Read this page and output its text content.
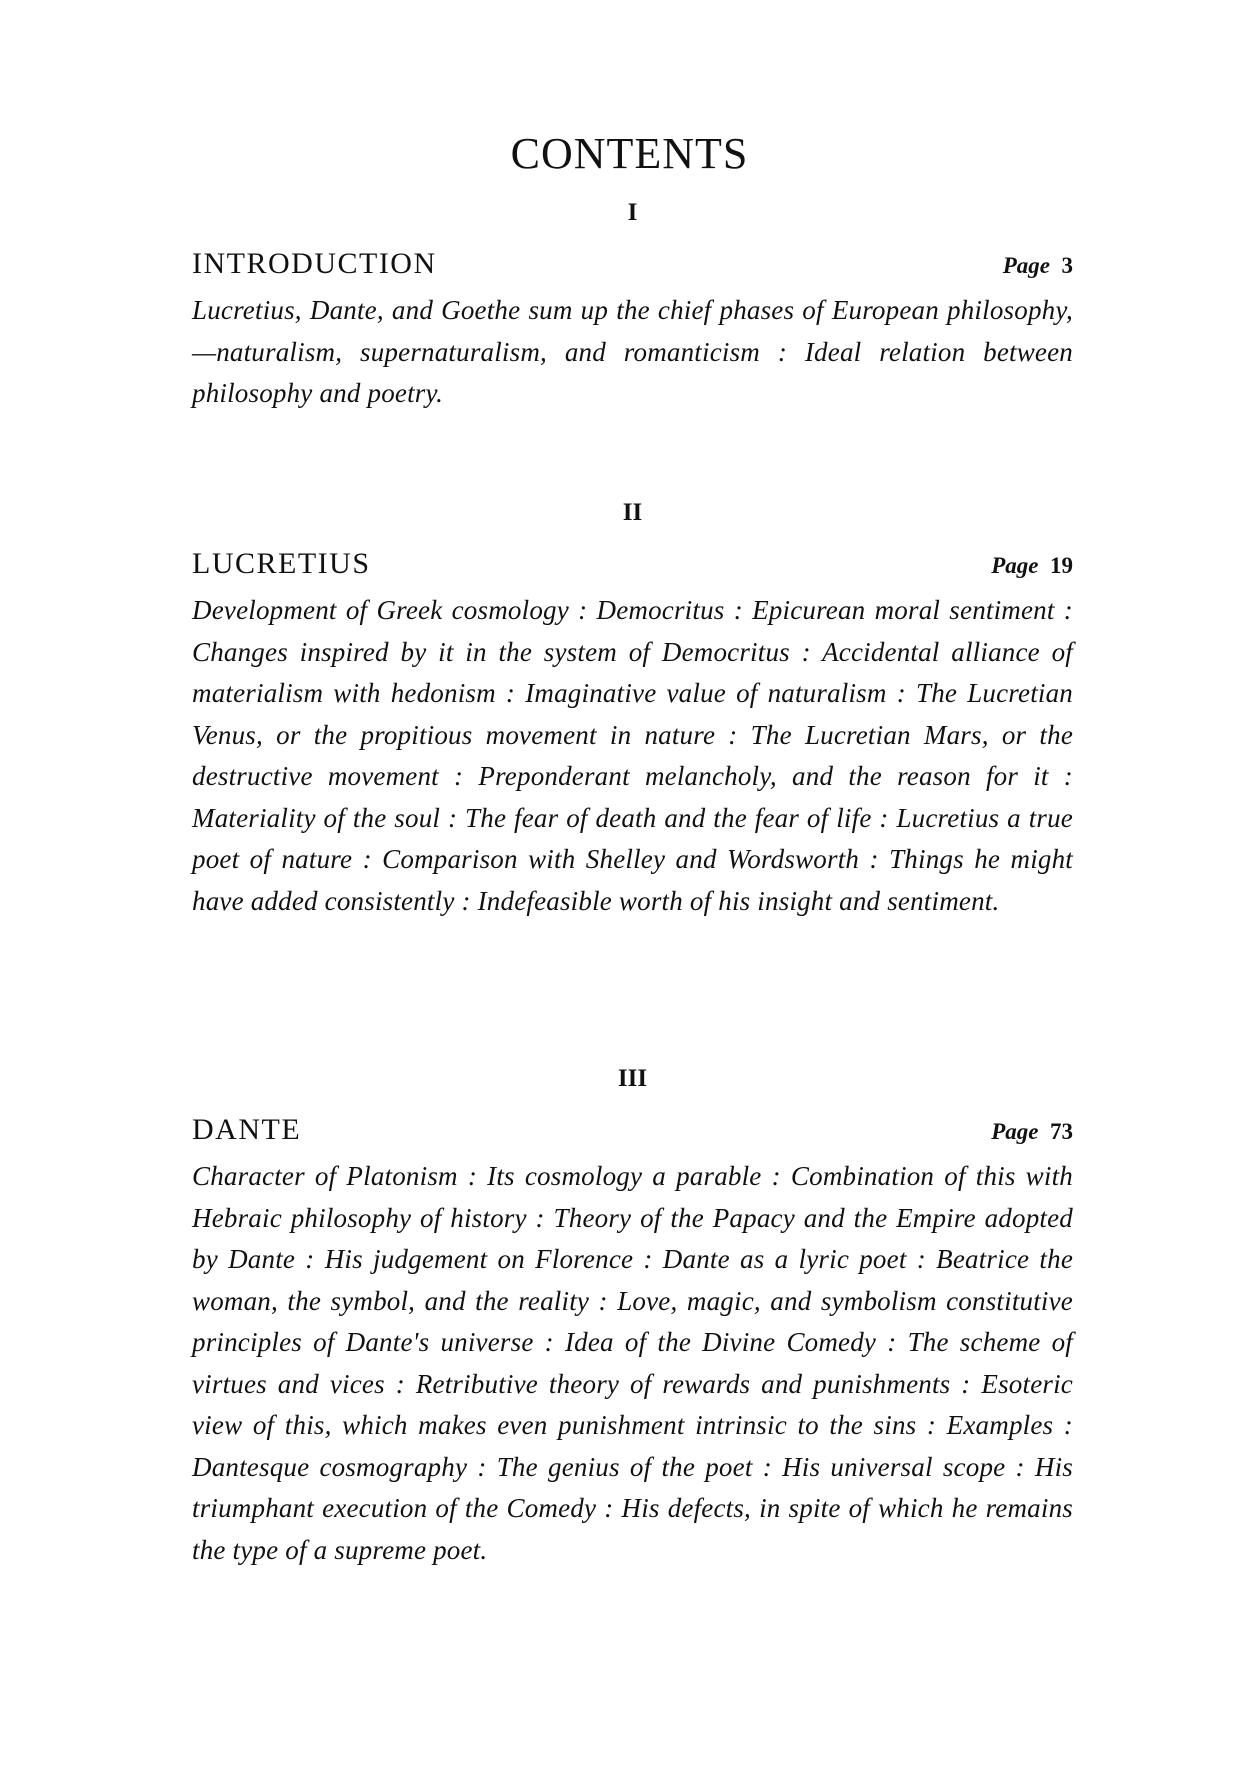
CONTENTS
I
INTRODUCTION	Page 3
Lucretius, Dante, and Goethe sum up the chief phases of European philosophy,—naturalism, supernaturalism, and romanticism : Ideal relation between philosophy and poetry.
II
LUCRETIUS	Page 19
Development of Greek cosmology : Democritus : Epicurean moral sentiment : Changes inspired by it in the system of Democritus : Accidental alliance of materialism with hedonism : Imaginative value of naturalism : The Lucretian Venus, or the propitious movement in nature : The Lucretian Mars, or the destructive movement : Preponderant melancholy, and the reason for it : Materiality of the soul : The fear of death and the fear of life : Lucretius a true poet of nature : Comparison with Shelley and Wordsworth : Things he might have added consistently : Indefeasible worth of his insight and sentiment.
III
DANTE	Page 73
Character of Platonism : Its cosmology a parable : Combination of this with Hebraic philosophy of history : Theory of the Papacy and the Empire adopted by Dante : His judgement on Florence : Dante as a lyric poet : Beatrice the woman, the symbol, and the reality : Love, magic, and symbolism constitutive principles of Dante's universe : Idea of the Divine Comedy : The scheme of virtues and vices : Retributive theory of rewards and punishments : Esoteric view of this, which makes even punishment intrinsic to the sins : Examples : Dantesque cosmography : The genius of the poet : His universal scope : His triumphant execution of the Comedy : His defects, in spite of which he remains the type of a supreme poet.
